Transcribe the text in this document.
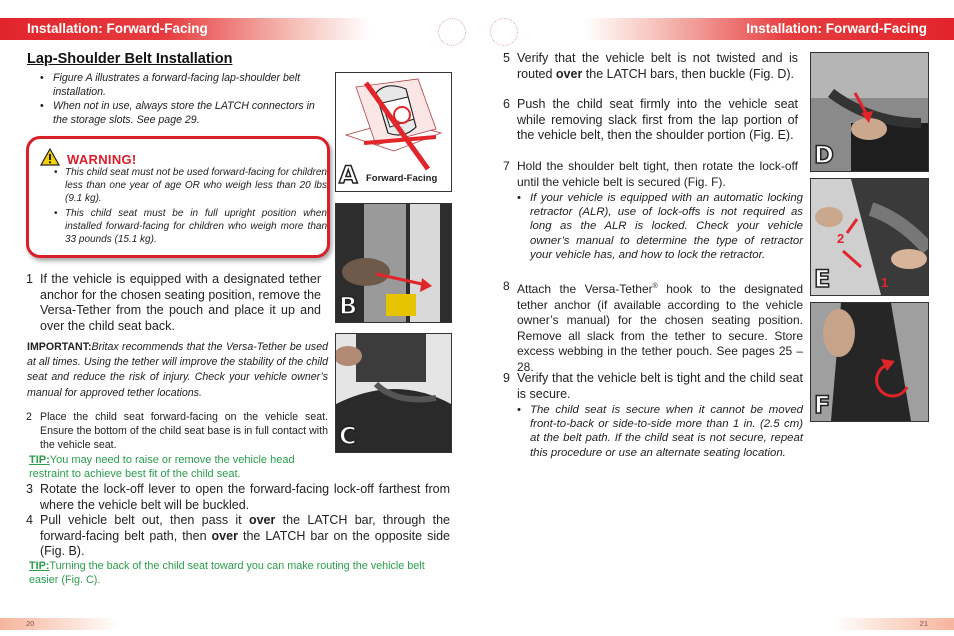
Installation: Forward-Facing	Installation: Forward-Facing
Lap-Shoulder Belt Installation
• Figure A illustrates a forward-facing lap-shoulder belt installation.
• When not in use, always store the LATCH connectors in the storage slots. See page 29.
WARNING!
• This child seat must not be used forward-facing for children less than one year of age OR who weigh less than 20 lbs (9.1 kg).
• This child seat must be in full upright position when installed forward-facing for children who weigh more than 33 pounds (15.1 kg).
1 If the vehicle is equipped with a designated tether anchor for the chosen seating position, remove the Versa-Tether from the pouch and place it up and over the child seat back.
IMPORTANT:Britax recommends that the Versa-Tether be used at all times. Using the tether will improve the stability of the child seat and reduce the risk of injury. Check your vehicle owner’s manual for approved tether locations.
2 Place the child seat forward-facing on the vehicle seat. Ensure the bottom of the child seat base is in full contact with the vehicle seat.
TIP:You may need to raise or remove the vehicle head restraint to achieve best fit of the child seat.
3 Rotate the lock-off lever to open the forward-facing lock-off farthest from where the vehicle belt will be buckled.
4 Pull vehicle belt out, then pass it over the LATCH bar, through the forward-facing belt path, then over the LATCH bar on the opposite side (Fig. B).
TIP:Turning the back of the child seat toward you can make routing the vehicle belt easier (Fig. C).
A Forward-Facing
B
C
5 Verify that the vehicle belt is not twisted and is routed over the LATCH bars, then buckle (Fig. D).
6 Push the child seat firmly into the vehicle seat while removing slack first from the lap portion of the vehicle belt, then the shoulder portion (Fig. E).
7 Hold the shoulder belt tight, then rotate the lock-off until the vehicle belt is secured (Fig. F).
• If your vehicle is equipped with an automatic locking retractor (ALR), use of lock-offs is not required as long as the ALR is locked. Check your vehicle owner’s manual to determine the type of retractor your vehicle has, and how to lock the retractor.
8 Attach the Versa-Tether® hook to the designated tether anchor (if available according to the vehicle owner’s manual) for the chosen seating position. Remove all slack from the tether to secure. Store excess webbing in the tether pouch. See pages 25 – 28.
9 Verify that the vehicle belt is tight and the child seat is secure.
• The child seat is secure when it cannot be moved front-to-back or side-to-side more than 1 in. (2.5 cm) at the belt path. If the child seat is not secure, repeat this procedure or use an alternate seating location.
D
E
2
1
F
20	21
